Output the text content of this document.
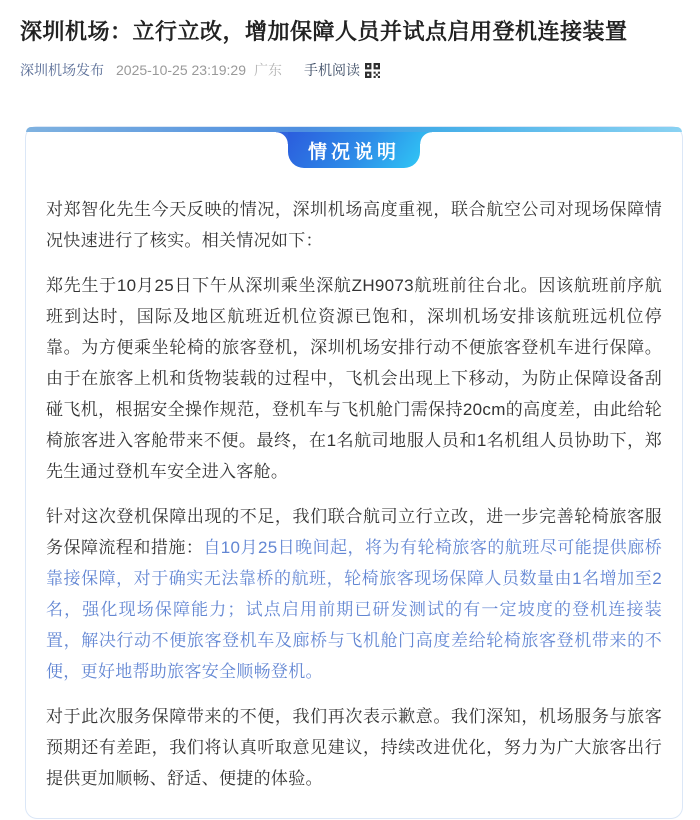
深圳机场：立行立改，增加保障人员并试点启用登机连接装置
深圳机场发布 2025-10-25 23:19:29 广东 手机阅读
情况说明

对郑智化先生今天反映的情况，深圳机场高度重视，联合航空公司对现场保障情况快速进行了核实。相关情况如下：

郑先生于10月25日下午从深圳乘坐深航ZH9073航班前往台北。因该航班前序航班到达时，国际及地区航班近机位资源已饱和，深圳机场安排该航班远机位停靠。为方便乘坐轮椅的旅客登机，深圳机场安排行动不便旅客登机车进行保障。由于在旅客上机和货物装载的过程中，飞机会出现上下移动，为防止保障设备刮碰飞机，根据安全操作规范，登机车与飞机舱门需保持20cm的高度差，由此给轮椅旅客进入客舱带来不便。最终，在1名航司地服人员和1名机组人员协助下，郑先生通过登机车安全进入客舱。

针对这次登机保障出现的不足，我们联合航司立行立改，进一步完善轮椅旅客服务保障流程和措施：自10月25日晚间起，将为有轮椅旅客的航班尽可能提供廊桥靠接保障，对于确实无法靠桥的航班，轮椅旅客现场保障人员数量由1名增加至2名，强化现场保障能力；试点启用前期已研发测试的有一定坡度的登机连接装置，解决行动不便旅客登机车及廊桥与飞机舱门高度差给轮椅旅客登机带来的不便，更好地帮助旅客安全顺畅登机。

对于此次服务保障带来的不便，我们再次表示歉意。我们深知，机场服务与旅客预期还有差距，我们将认真听取意见建议，持续改进优化，努力为广大旅客出行提供更加顺畅、舒适、便捷的体验。
